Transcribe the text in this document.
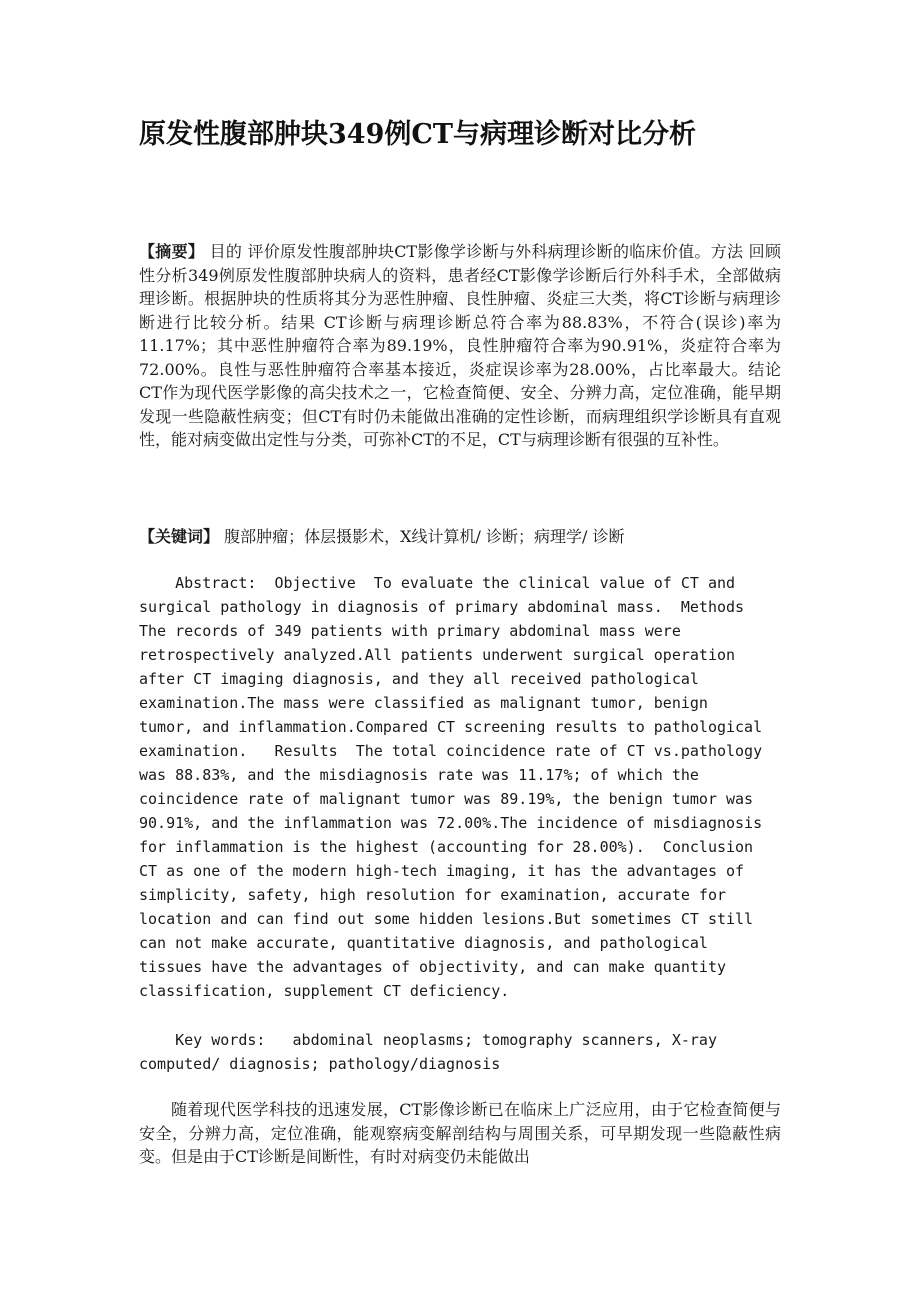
原发性腹部肿块349例CT与病理诊断对比分析

【摘要】 目的 评价原发性腹部肿块CT影像学诊断与外科病理诊断的临床价值。方法 回顾性分析349例原发性腹部肿块病人的资料，患者经CT影像学诊断后行外科手术，全部做病理诊断。根据肿块的性质将其分为恶性肿瘤、良性肿瘤、炎症三大类，将CT诊断与病理诊断进行比较分析。结果 CT诊断与病理诊断总符合率为88.83%，不符合(误诊)率为11.17%；其中恶性肿瘤符合率为89.19%，良性肿瘤符合率为90.91%，炎症符合率为72.00%。良性与恶性肿瘤符合率基本接近，炎症误诊率为28.00%，占比率最大。结论 CT作为现代医学影像的高尖技术之一，它检查简便、安全、分辨力高，定位准确，能早期发现一些隐蔽性病变；但CT有时仍未能做出准确的定性诊断，而病理组织学诊断具有直观性，能对病变做出定性与分类，可弥补CT的不足，CT与病理诊断有很强的互补性。

【关键词】 腹部肿瘤；体层摄影术，X线计算机/ 诊断；病理学/ 诊断

Abstract:  Objective  To evaluate the clinical value of CT and
surgical pathology in diagnosis of primary abdominal mass.  Methods
The records of 349 patients with primary abdominal mass were
retrospectively analyzed.All patients underwent surgical operation
after CT imaging diagnosis, and they all received pathological
examination.The mass were classified as malignant tumor, benign
tumor, and inflammation.Compared CT screening results to pathological
examination.   Results  The total coincidence rate of CT vs.pathology
was 88.83%, and the misdiagnosis rate was 11.17%; of which the
coincidence rate of malignant tumor was 89.19%, the benign tumor was
90.91%, and the inflammation was 72.00%.The incidence of misdiagnosis
for inflammation is the highest (accounting for 28.00%).  Conclusion
CT as one of the modern high-tech imaging, it has the advantages of
simplicity, safety, high resolution for examination, accurate for
location and can find out some hidden lesions.But sometimes CT still
can not make accurate, quantitative diagnosis, and pathological
tissues have the advantages of objectivity, and can make quantity
classification, supplement CT deficiency.

Key words:   abdominal neoplasms; tomography scanners, X-ray
computed/ diagnosis; pathology/diagnosis

随着现代医学科技的迅速发展，CT影像诊断已在临床上广泛应用，由于它检查简便与安全，分辨力高，定位准确，能观察病变解剖结构与周围关系，可早期发现一些隐蔽性病变。但是由于CT诊断是间断性，有时对病变仍未能做出
